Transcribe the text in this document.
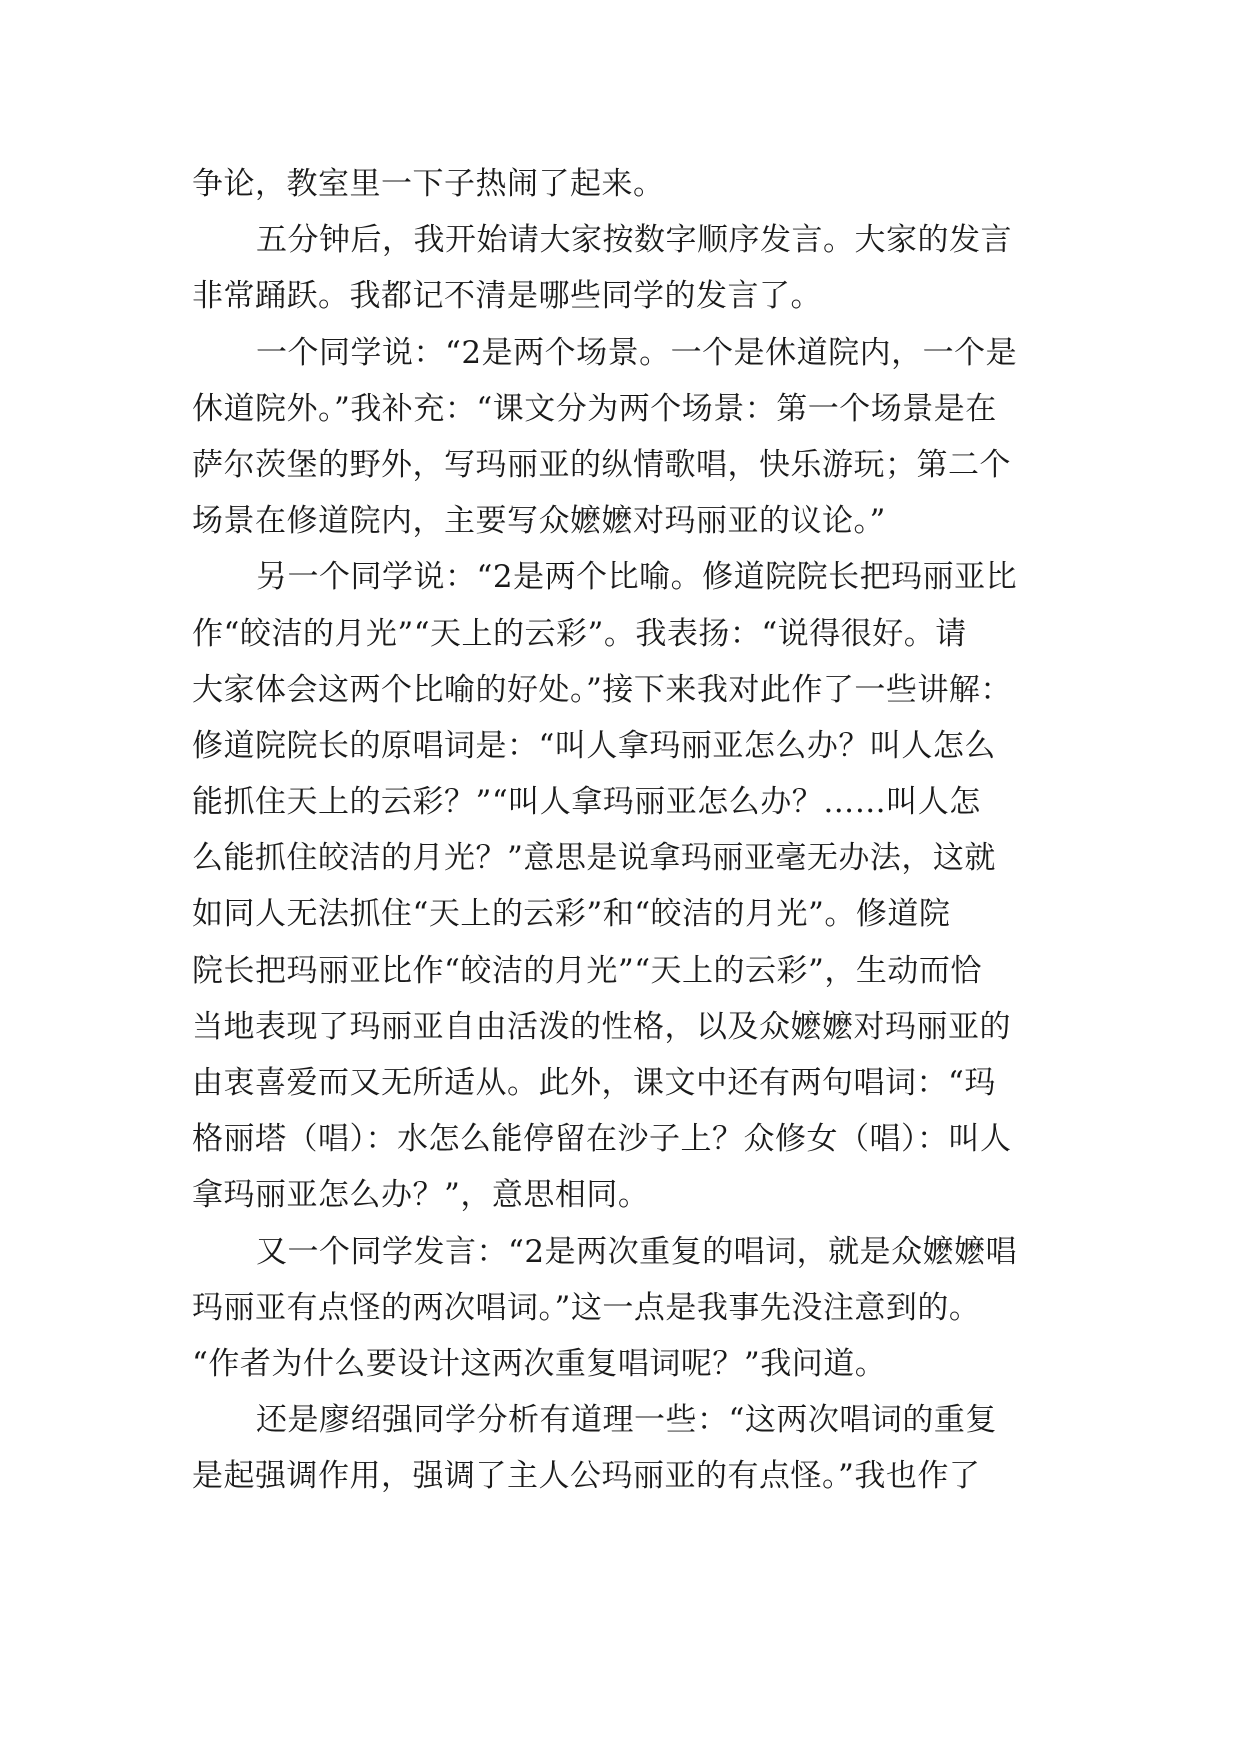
争论，教室里一下子热闹了起来。
五分钟后，我开始请大家按数字顺序发言。大家的发言
非常踊跃。我都记不清是哪些同学的发言了。
一个同学说：“2是两个场景。一个是休道院内，一个是
休道院外。”我补充：“课文分为两个场景：第一个场景是在
萨尔茨堡的野外，写玛丽亚的纵情歌唱，快乐游玩；第二个
场景在修道院内，主要写众嬷嬷对玛丽亚的议论。”
另一个同学说：“2是两个比喻。修道院院长把玛丽亚比
作“皎洁的月光”“天上的云彩”。我表扬：“说得很好。请
大家体会这两个比喻的好处。”接下来我对此作了一些讲解：
修道院院长的原唱词是：“叫人拿玛丽亚怎么办？叫人怎么
能抓住天上的云彩？”“叫人拿玛丽亚怎么办？……叫人怎
么能抓住皎洁的月光？”意思是说拿玛丽亚毫无办法，这就
如同人无法抓住“天上的云彩”和“皎洁的月光”。修道院
院长把玛丽亚比作“皎洁的月光”“天上的云彩”，生动而恰
当地表现了玛丽亚自由活泼的性格，以及众嬷嬷对玛丽亚的
由衷喜爱而又无所适从。此外，课文中还有两句唱词：“玛
格丽塔（唱）：水怎么能停留在沙子上？众修女（唱）：叫人
拿玛丽亚怎么办？”，意思相同。
又一个同学发言：“2是两次重复的唱词，就是众嬷嬷唱
玛丽亚有点怪的两次唱词。”这一点是我事先没注意到的。
“作者为什么要设计这两次重复唱词呢？”我问道。
还是廖绍强同学分析有道理一些：“这两次唱词的重复
是起强调作用，强调了主人公玛丽亚的有点怪。”我也作了
